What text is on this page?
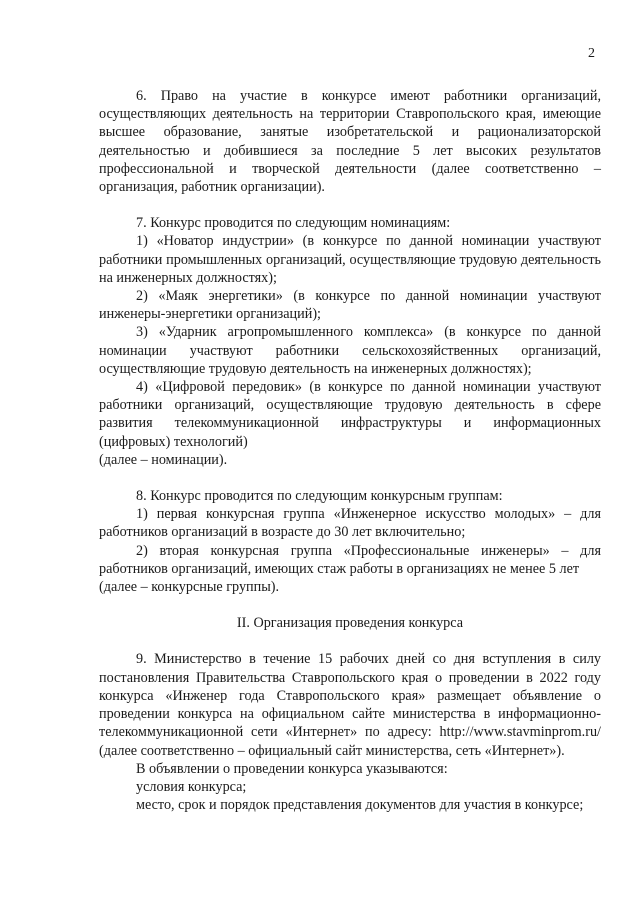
2

6. Право на участие в конкурсе имеют работники организаций, осуществляющих деятельность на территории Ставропольского края, имеющие высшее образование, занятые изобретательской и рационализаторской деятельностью и добившиеся за последние 5 лет высоких результатов профессиональной и творческой деятельности (далее соответственно – организация, работник организации).

7. Конкурс проводится по следующим номинациям:

1) «Новатор индустрии» (в конкурсе по данной номинации участвуют работники промышленных организаций, осуществляющие трудовую деятельность на инженерных должностях);

2) «Маяк энергетики» (в конкурсе по данной номинации участвуют инженеры-энергетики организаций);

3) «Ударник агропромышленного комплекса» (в конкурсе по данной номинации участвуют работники сельскохозяйственных организаций, осуществляющие трудовую деятельность на инженерных должностях);

4) «Цифровой передовик» (в конкурсе по данной номинации участвуют работники организаций, осуществляющие трудовую деятельность в сфере развития телекоммуникационной инфраструктуры и информационных (цифровых) технологий)

(далее – номинации).

8. Конкурс проводится по следующим конкурсным группам:

1) первая конкурсная группа «Инженерное искусство молодых» – для работников организаций в возрасте до 30 лет включительно;

2) вторая конкурсная группа «Профессиональные инженеры» – для работников организаций, имеющих стаж работы в организациях не менее 5 лет

(далее – конкурсные группы).

II. Организация проведения конкурса

9. Министерство в течение 15 рабочих дней со дня вступления в силу постановления Правительства Ставропольского края о проведении в 2022 году конкурса «Инженер года Ставропольского края» размещает объявление о проведении конкурса на официальном сайте министерства в информационно-телекоммуникационной сети «Интернет» по адресу: http://www.stavminprom.ru/ (далее соответственно – официальный сайт министерства, сеть «Интернет»).

В объявлении о проведении конкурса указываются:

условия конкурса;

место, срок и порядок представления документов для участия в конкурсе;
